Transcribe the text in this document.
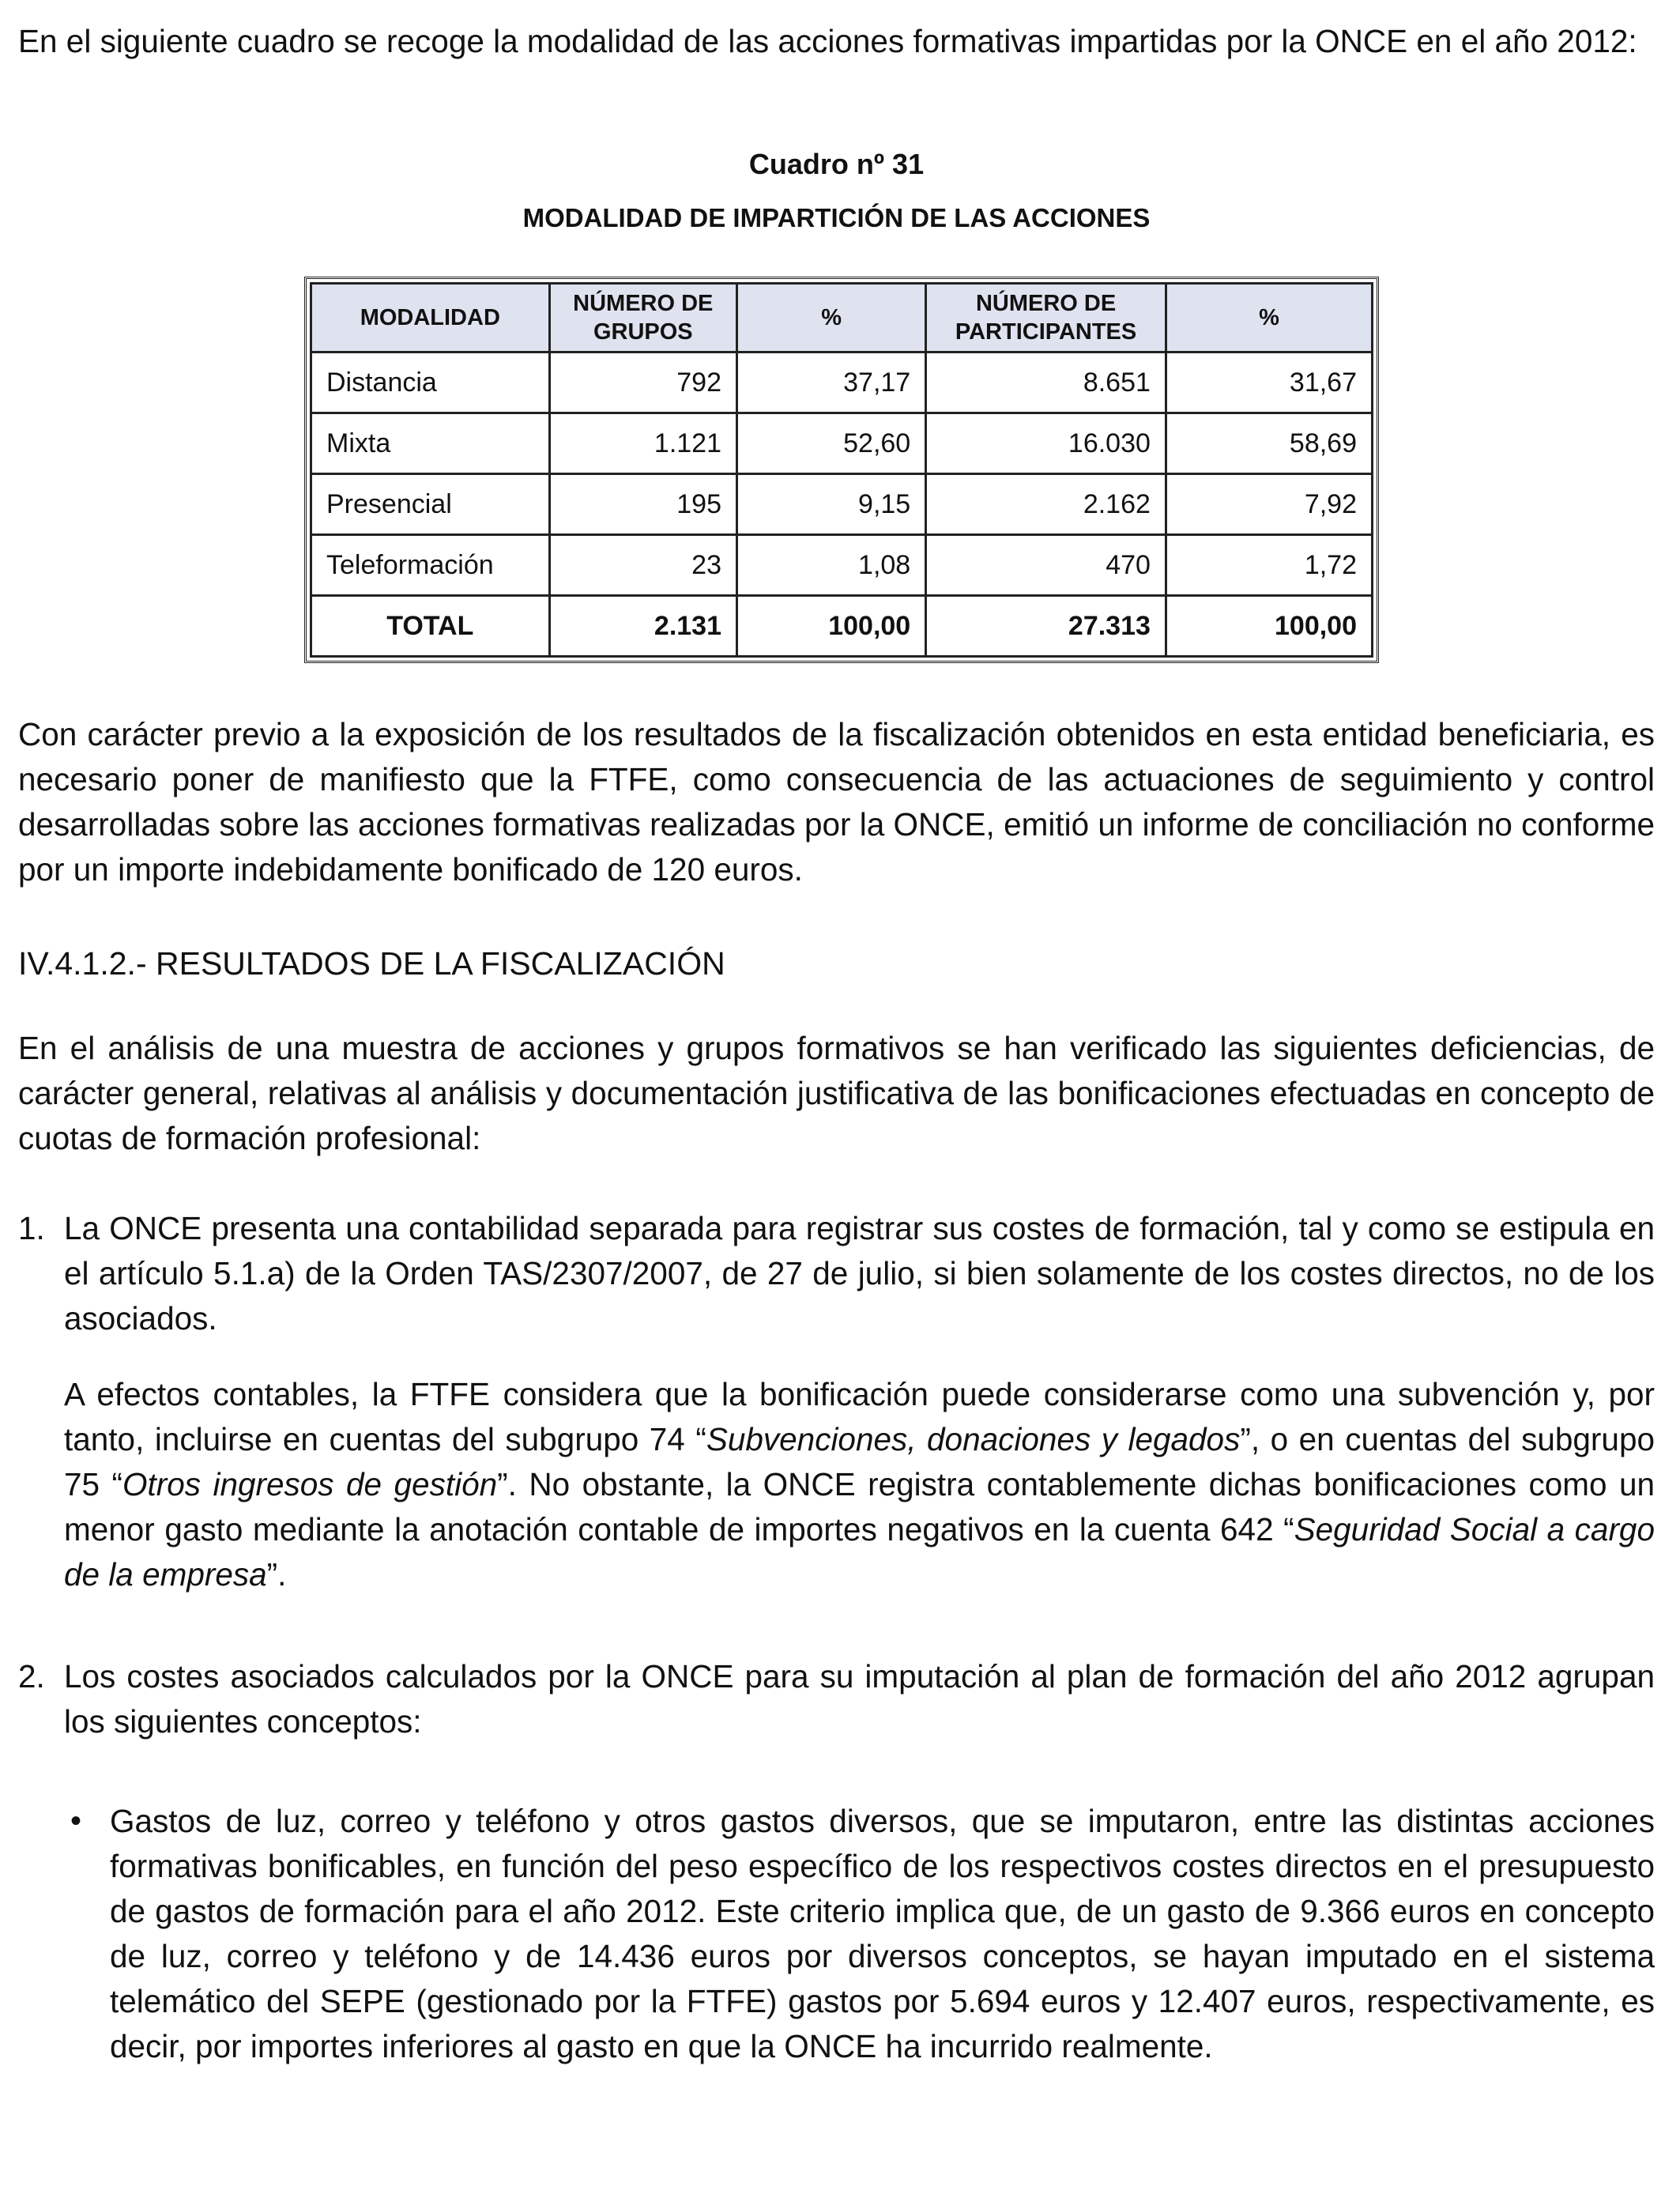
En el siguiente cuadro se recoge la modalidad de las acciones formativas impartidas por la ONCE en el año 2012:

Cuadro nº 31
MODALIDAD DE IMPARTICIÓN DE LAS ACCIONES
MODALIDAD	NÚMERO DE GRUPOS	%	NÚMERO DE PARTICIPANTES	%
Distancia	792	37,17	8.651	31,67
Mixta	1.121	52,60	16.030	58,69
Presencial	195	9,15	2.162	7,92
Teleformación	23	1,08	470	1,72
TOTAL	2.131	100,00	27.313	100,00

Con carácter previo a la exposición de los resultados de la fiscalización obtenidos en esta entidad beneficiaria, es necesario poner de manifiesto que la FTFE, como consecuencia de las actuaciones de seguimiento y control desarrolladas sobre las acciones formativas realizadas por la ONCE, emitió un informe de conciliación no conforme por un importe indebidamente bonificado de 120 euros.

IV.4.1.2.- RESULTADOS DE LA FISCALIZACIÓN

En el análisis de una muestra de acciones y grupos formativos se han verificado las siguientes deficiencias, de carácter general, relativas al análisis y documentación justificativa de las bonificaciones efectuadas en concepto de cuotas de formación profesional:

1. La ONCE presenta una contabilidad separada para registrar sus costes de formación, tal y como se estipula en el artículo 5.1.a) de la Orden TAS/2307/2007, de 27 de julio, si bien solamente de los costes directos, no de los asociados.

A efectos contables, la FTFE considera que la bonificación puede considerarse como una subvención y, por tanto, incluirse en cuentas del subgrupo 74 “Subvenciones, donaciones y legados”, o en cuentas del subgrupo 75 “Otros ingresos de gestión”. No obstante, la ONCE registra contablemente dichas bonificaciones como un menor gasto mediante la anotación contable de importes negativos en la cuenta 642 “Seguridad Social a cargo de la empresa”.

2. Los costes asociados calculados por la ONCE para su imputación al plan de formación del año 2012 agrupan los siguientes conceptos:

• Gastos de luz, correo y teléfono y otros gastos diversos, que se imputaron, entre las distintas acciones formativas bonificables, en función del peso específico de los respectivos costes directos en el presupuesto de gastos de formación para el año 2012. Este criterio implica que, de un gasto de 9.366 euros en concepto de luz, correo y teléfono y de 14.436 euros por diversos conceptos, se hayan imputado en el sistema telemático del SEPE (gestionado por la FTFE) gastos por 5.694 euros y 12.407 euros, respectivamente, es decir, por importes inferiores al gasto en que la ONCE ha incurrido realmente.
